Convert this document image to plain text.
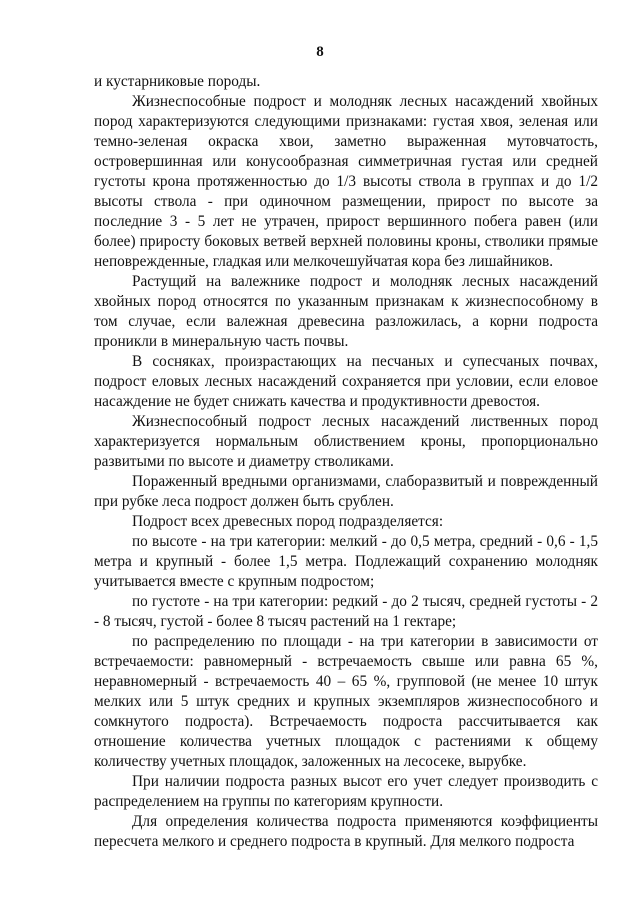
8

и кустарниковые породы.

Жизнеспособные подрост и молодняк лесных насаждений хвойных пород характеризуются следующими признаками: густая хвоя, зеленая или темно-зеленая окраска хвои, заметно выраженная мутовчатость, островершинная или конусообразная симметричная густая или средней густоты крона протяженностью до 1/3 высоты ствола в группах и до 1/2 высоты ствола - при одиночном размещении, прирост по высоте за последние 3 - 5 лет не утрачен, прирост вершинного побега равен (или более) приросту боковых ветвей верхней половины кроны, стволики прямые неповрежденные, гладкая или мелкочешуйчатая кора без лишайников.

Растущий на валежнике подрост и молодняк лесных насаждений хвойных пород относятся по указанным признакам к жизнеспособному в том случае, если валежная древесина разложилась, а корни подроста проникли в минеральную часть почвы.

В сосняках, произрастающих на песчаных и супесчаных почвах, подрост еловых лесных насаждений сохраняется при условии, если еловое насаждение не будет снижать качества и продуктивности древостоя.

Жизнеспособный подрост лесных насаждений лиственных пород характеризуется нормальным облиствением кроны, пропорционально развитыми по высоте и диаметру стволиками.

Пораженный вредными организмами, слаборазвитый и поврежденный при рубке леса подрост должен быть срублен.

Подрост всех древесных пород подразделяется:

по высоте - на три категории: мелкий - до 0,5 метра, средний - 0,6 - 1,5 метра и крупный - более 1,5 метра. Подлежащий сохранению молодняк учитывается вместе с крупным подростом;

по густоте - на три категории: редкий - до 2 тысяч, средней густоты - 2 - 8 тысяч, густой - более 8 тысяч растений на 1 гектаре;

по распределению по площади - на три категории в зависимости от встречаемости: равномерный - встречаемость свыше или равна 65 %, неравномерный - встречаемость 40 – 65 %, групповой (не менее 10 штук мелких или 5 штук средних и крупных экземпляров жизнеспособного и сомкнутого подроста). Встречаемость подроста рассчитывается как отношение количества учетных площадок с растениями к общему количеству учетных площадок, заложенных на лесосеке, вырубке.

При наличии подроста разных высот его учет следует производить с распределением на группы по категориям крупности.

Для определения количества подроста применяются коэффициенты пересчета мелкого и среднего подроста в крупный. Для мелкого подроста
